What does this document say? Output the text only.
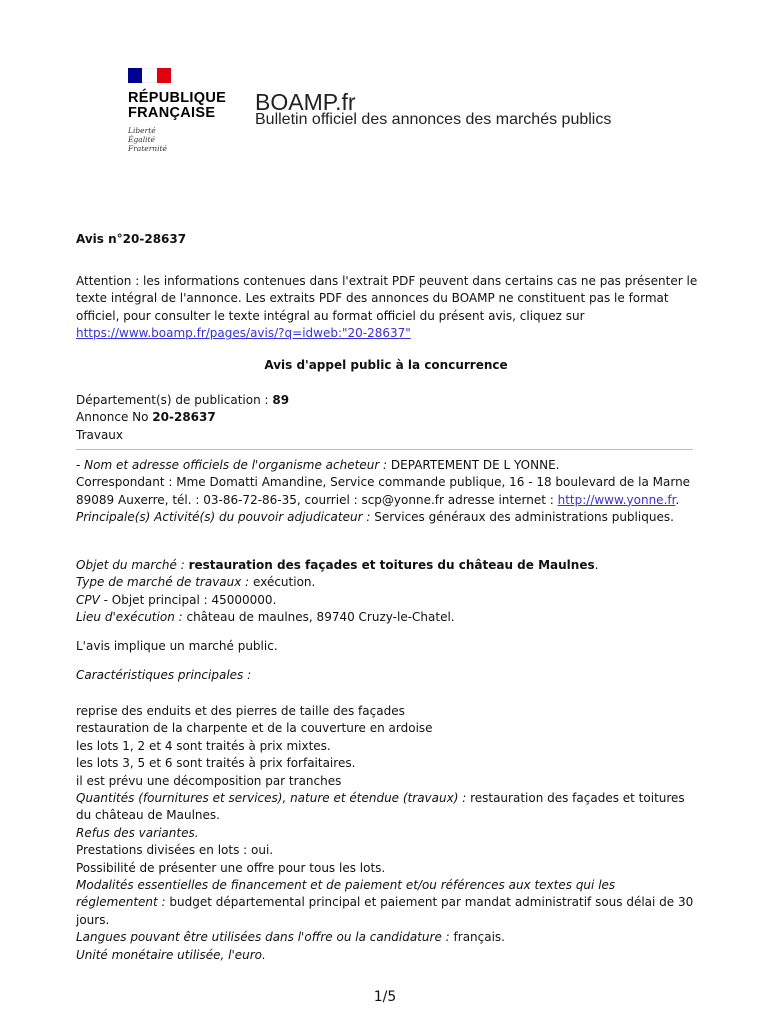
RÉPUBLIQUE
FRANÇAISE
Liberté
Égalité
Fraternité
BOAMP.fr
Bulletin officiel des annonces des marchés publics
Avis n°20-28637
Attention : les informations contenues dans l'extrait PDF peuvent dans certains cas ne pas présenter le texte intégral de l'annonce. Les extraits PDF des annonces du BOAMP ne constituent pas le format officiel, pour consulter le texte intégral au format officiel du présent avis, cliquez sur https://www.boamp.fr/pages/avis/?q=idweb:"20-28637"
Avis d'appel public à la concurrence
Département(s) de publication : 89
Annonce No 20-28637
Travaux
- Nom et adresse officiels de l'organisme acheteur : DEPARTEMENT DE L YONNE.
Correspondant : Mme Domatti Amandine, Service commande publique, 16 - 18 boulevard de la Marne 89089 Auxerre, tél. : 03-86-72-86-35, courriel : scp@yonne.fr adresse internet : http://www.yonne.fr.
Principale(s) Activité(s) du pouvoir adjudicateur : Services généraux des administrations publiques.
Objet du marché : restauration des façades et toitures du château de Maulnes.
Type de marché de travaux : exécution.
CPV - Objet principal : 45000000.
Lieu d'exécution : château de maulnes, 89740 Cruzy-le-Chatel.
L'avis implique un marché public.
Caractéristiques principales :
reprise des enduits et des pierres de taille des façades
restauration de la charpente et de la couverture en ardoise
les lots 1, 2 et 4 sont traités à prix mixtes.
les lots 3, 5 et 6 sont traités à prix forfaitaires.
il est prévu une décomposition par tranches
Quantités (fournitures et services), nature et étendue (travaux) : restauration des façades et toitures du château de Maulnes.
Refus des variantes.
Prestations divisées en lots : oui.
Possibilité de présenter une offre pour tous les lots.
Modalités essentielles de financement et de paiement et/ou références aux textes qui les réglementent : budget départemental principal et paiement par mandat administratif sous délai de 30 jours.
Langues pouvant être utilisées dans l'offre ou la candidature : français.
Unité monétaire utilisée, l'euro.
1/5
